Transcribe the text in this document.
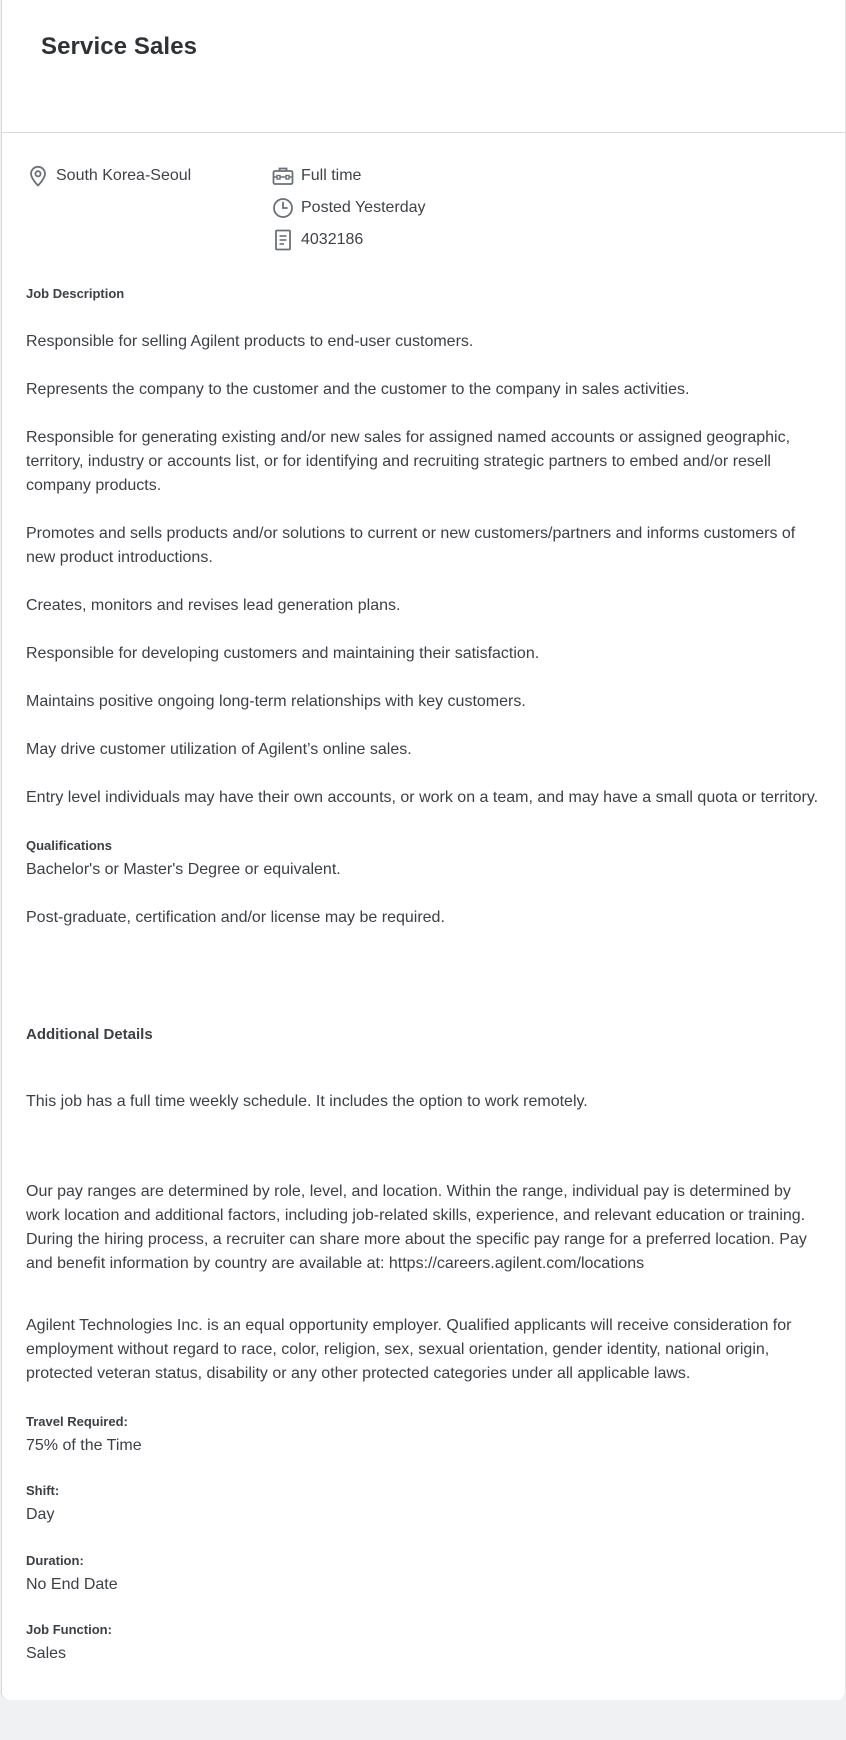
Service Sales
South Korea-Seoul	Full time
Posted Yesterday
4032186

Job Description

Responsible for selling Agilent products to end-user customers.

Represents the company to the customer and the customer to the company in sales activities.

Responsible for generating existing and/or new sales for assigned named accounts or assigned geographic, territory, industry or accounts list, or for identifying and recruiting strategic partners to embed and/or resell company products.

Promotes and sells products and/or solutions to current or new customers/partners and informs customers of new product introductions.

Creates, monitors and revises lead generation plans.

Responsible for developing customers and maintaining their satisfaction.

Maintains positive ongoing long-term relationships with key customers.

May drive customer utilization of Agilent’s online sales.

Entry level individuals may have their own accounts, or work on a team, and may have a small quota or territory.

Qualifications

Bachelor's or Master's Degree or equivalent.

Post-graduate, certification and/or license may be required.

Additional Details

This job has a full time weekly schedule. It includes the option to work remotely.

Our pay ranges are determined by role, level, and location. Within the range, individual pay is determined by work location and additional factors, including job-related skills, experience, and relevant education or training. During the hiring process, a recruiter can share more about the specific pay range for a preferred location. Pay and benefit information by country are available at: https://careers.agilent.com/locations

Agilent Technologies Inc. is an equal opportunity employer. Qualified applicants will receive consideration for employment without regard to race, color, religion, sex, sexual orientation, gender identity, national origin, protected veteran status, disability or any other protected categories under all applicable laws.

Travel Required:

75% of the Time

Shift:

Day

Duration:

No End Date

Job Function:

Sales
